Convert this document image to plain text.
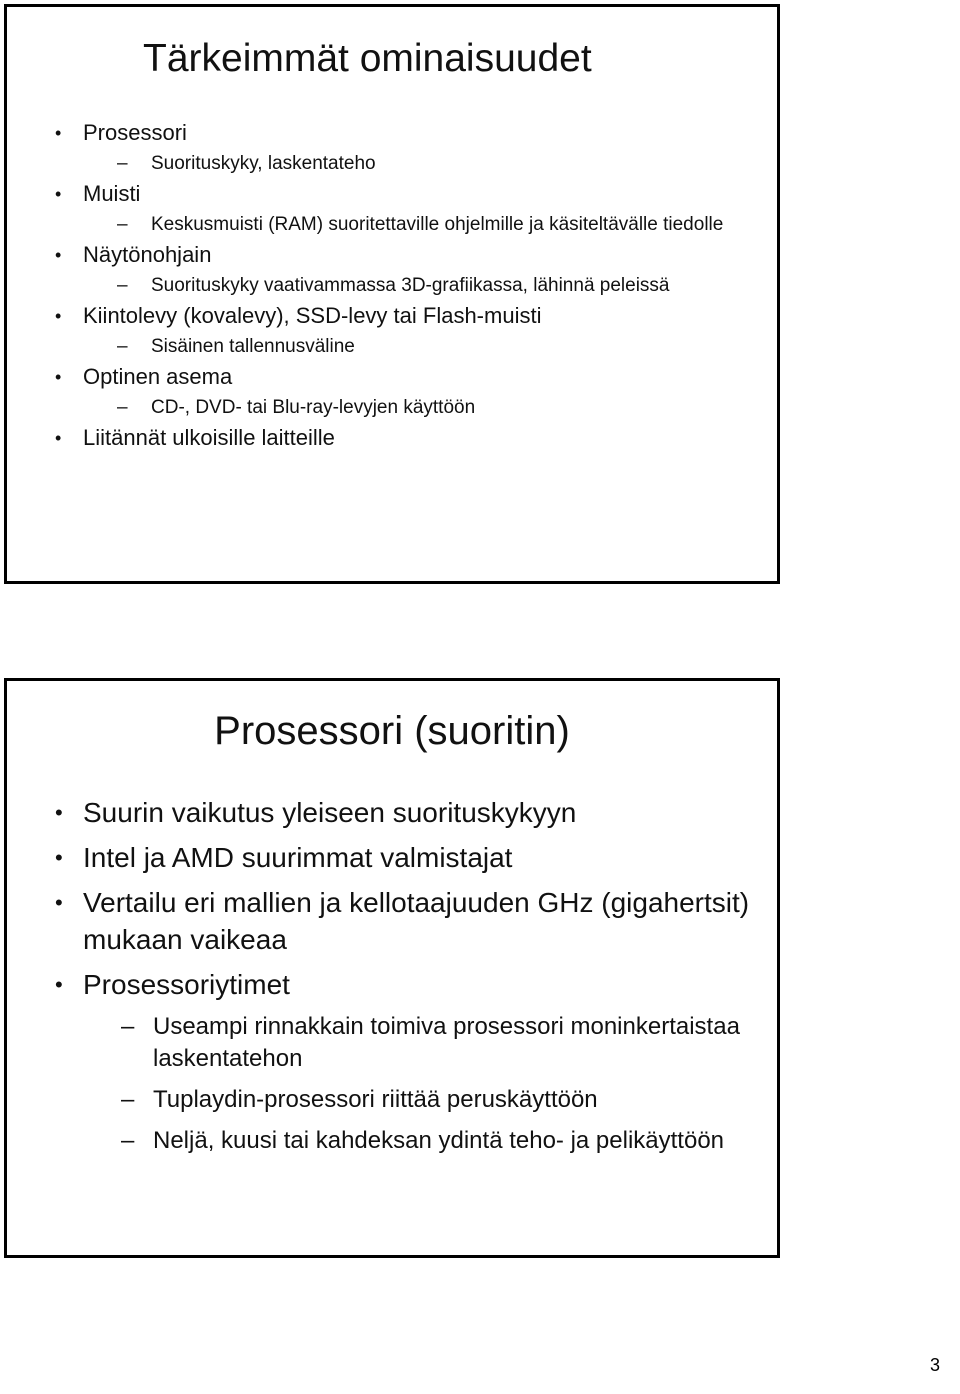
Tärkeimmät ominaisuudet
• Prosessori
– Suorituskyky, laskentateho
• Muisti
– Keskusmuisti (RAM) suoritettaville ohjelmille ja käsiteltävälle tiedolle
• Näytönohjain
– Suorituskyky vaativammassa 3D-grafiikassa, lähinnä peleissä
• Kiintolevy (kovalevy), SSD-levy tai Flash-muisti
– Sisäinen tallennusväline
• Optinen asema
– CD-, DVD- tai Blu-ray-levyjen käyttöön
• Liitännät ulkoisille laitteille
Prosessori (suoritin)
• Suurin vaikutus yleiseen suorituskykyyn
• Intel ja AMD suurimmat valmistajat
• Vertailu eri mallien ja kellotaajuuden GHz (gigahertsit) mukaan vaikeaa
• Prosessoriytimet
– Useampi rinnakkain toimiva prosessori moninkertaistaa laskentatehon
– Tuplaydin-prosessori riittää peruskäyttöön
– Neljä, kuusi tai kahdeksan ydintä teho- ja pelikäyttöön
3
